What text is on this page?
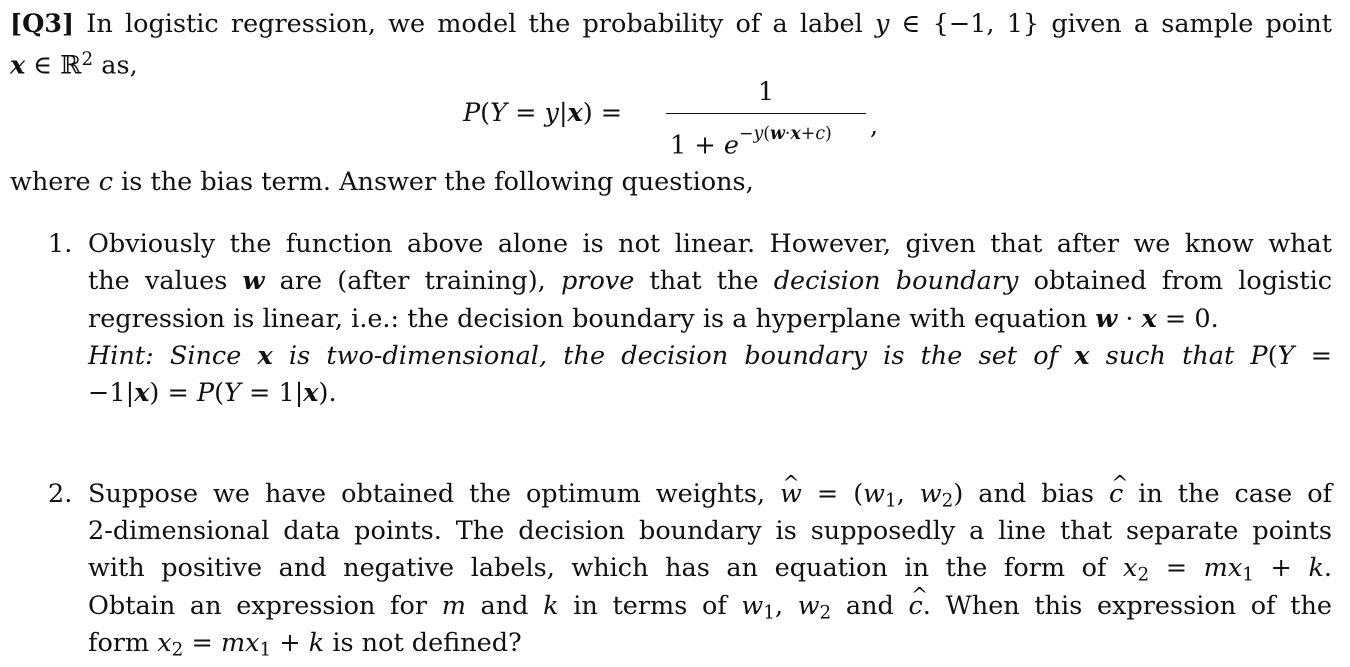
[Q3] In logistic regression, we model the probability of a label y ∈ {−1, 1} given a sample point
x ∈ ℝ$^2$ as,
P(Y = y|x) =
1
$1 + e^{-y(w\cdot x+c)}$ ,
where c is the bias term. Answer the following questions,
1. Obviously the function above alone is not linear. However, given that after we know what
the values w are (after training), prove that the decision boundary obtained from logistic
regression is linear, i.e.: the decision boundary is a hyperplane with equation w · x = 0.
Hint: Since x is two-dimensional, the decision boundary is the set of x such that P(Y =
−1|x) = P(Y = 1|x).
2. Suppose we have obtained the optimum weights, w ^ = ($w_1$, $w_2$) and bias c ^ in the case of
2-dimensional data points. The decision boundary is supposedly a line that separate points
with positive and negative labels, which has an equation in the form of $x_2 = mx_1 + k$.
Obtain an expression for m and k in terms of $w_1$, $w_2$ and c ^. When this expression of the
form $x_2 = mx_1 + k$ is not defined?
